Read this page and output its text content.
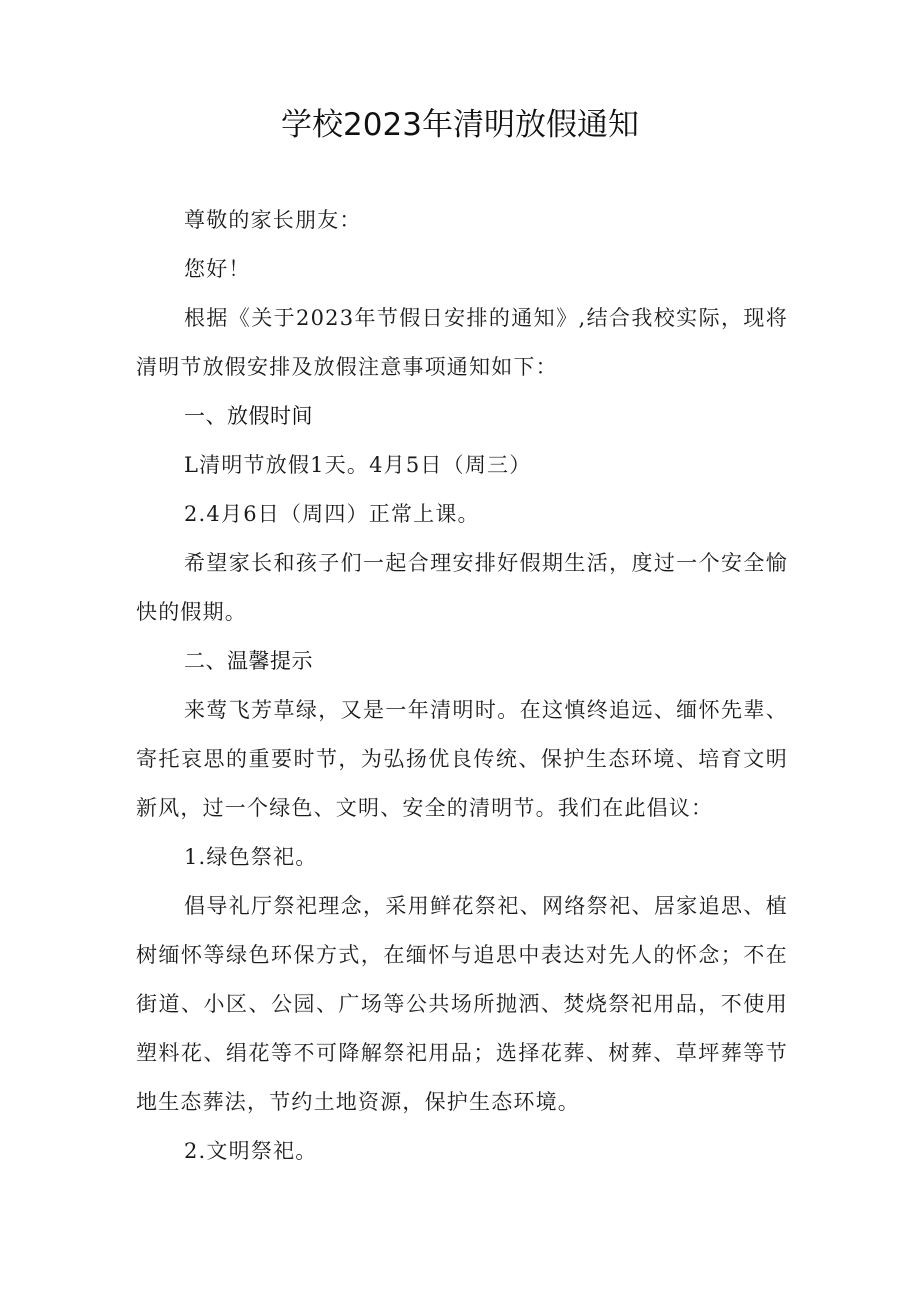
学校2023年清明放假通知

尊敬的家长朋友：

您好！

根据《关于2023年节假日安排的通知》,结合我校实际，现将清明节放假安排及放假注意事项通知如下：

一、放假时间

L清明节放假1天。4月5日（周三）

2.4月6日（周四）正常上课。

希望家长和孩子们一起合理安排好假期生活，度过一个安全愉快的假期。

二、温馨提示

来莺飞芳草绿，又是一年清明时。在这慎终追远、缅怀先辈、寄托哀思的重要时节，为弘扬优良传统、保护生态环境、培育文明新风，过一个绿色、文明、安全的清明节。我们在此倡议：

1.绿色祭祀。

倡导礼厅祭祀理念，采用鲜花祭祀、网络祭祀、居家追思、植树缅怀等绿色环保方式，在缅怀与追思中表达对先人的怀念；不在街道、小区、公园、广场等公共场所抛洒、焚烧祭祀用品，不使用塑料花、绢花等不可降解祭祀用品；选择花葬、树葬、草坪葬等节地生态葬法，节约土地资源，保护生态环境。

2.文明祭祀。
